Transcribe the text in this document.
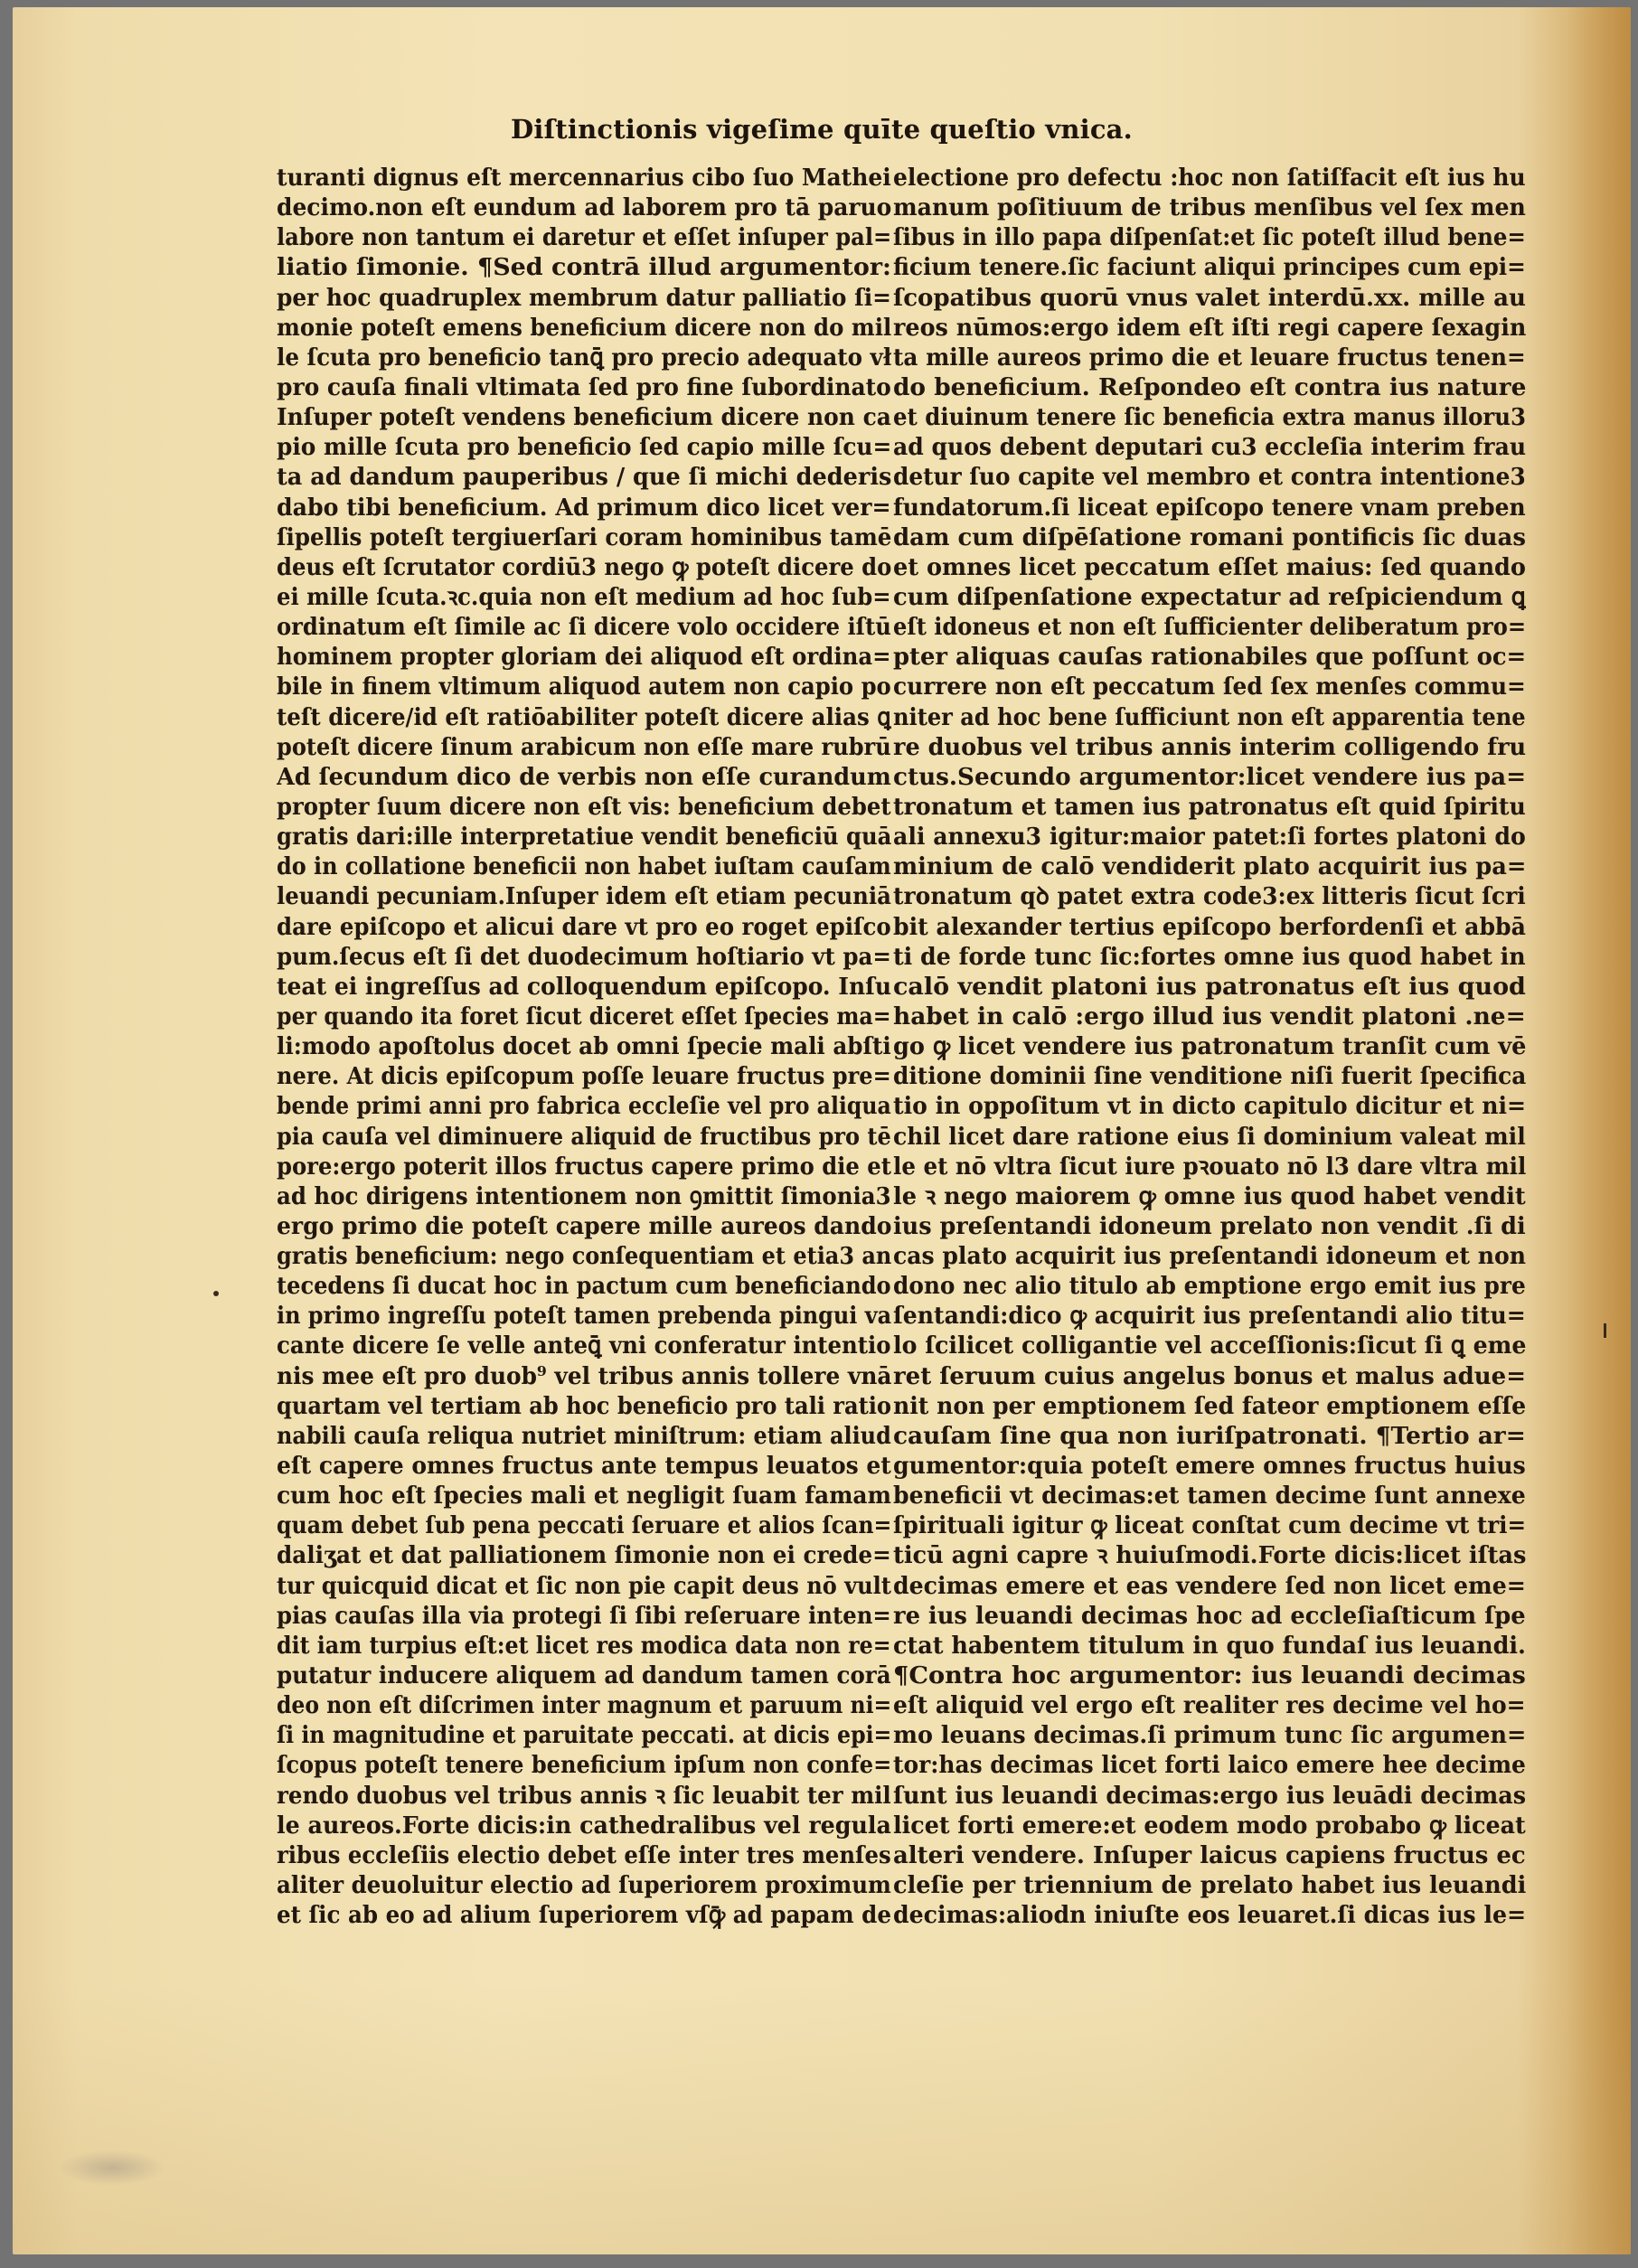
Diſtinctionis vigeſime quīte queſtio vnica.
turanti dignus eſt mercennarius cibo ſuo Mathei
decimo.non eſt eundum ad laborem pro tā paruo
labore non tantum ei daretur et eſſet inſuper pal=
liatio ſimonie. ¶Sed contrā illud argumentor:
per hoc quadruplex membrum datur palliatio ſi=
monie poteſt emens beneficium dicere non do mil
le ſcuta pro beneficio tanꝗ̄ pro precio adequato vł
pro cauſa finali vltimata ſed pro fine ſubordinato
Inſuper poteſt vendens beneficium dicere non ca
pio mille ſcuta pro beneficio ſed capio mille ſcu=
ta ad dandum pauperibus / que ſi michi dederis
dabo tibi beneficium. Ad primum dico licet ver=
ſipellis poteſt tergiuerſari coram hominibus tamē
deus eſt ſcrutator cordiū3 nego ꝙ poteſt dicere do
ei mille ſcuta.ꝛc.quia non eſt medium ad hoc ſub=
ordinatum eſt ſimile ac ſi dicere volo occidere iſtū
hominem propter gloriam dei aliquod eſt ordina=
bile in finem vltimum aliquod autem non capio po
teſt dicere/id eſt ratiōabiliter poteſt dicere alias ꝗ
poteſt dicere ſinum arabicum non eſſe mare rubrū
Ad ſecundum dico de verbis non eſſe curandum
propter ſuum dicere non eſt vis: beneficium debet
gratis dari:ille interpretatiue vendit beneficiū quā
do in collatione beneficii non habet iuſtam cauſam
leuandi pecuniam.Inſuper idem eſt etiam pecuniā
dare epiſcopo et alicui dare vt pro eo roget epiſco
pum.ſecus eſt ſi det duodecimum hoſtiario vt pa=
teat ei ingreſſus ad colloquendum epiſcopo. Inſu
per quando ita foret ſicut diceret eſſet ſpecies ma=
li:modo apoſtolus docet ab omni ſpecie mali abſti
nere. At dicis epiſcopum poſſe leuare fructus pre=
bende primi anni pro fabrica eccleſie vel pro aliqua
pia cauſa vel diminuere aliquid de fructibus pro tē
pore:ergo poterit illos fructus capere primo die et
ad hoc dirigens intentionem non ꝯmittit ſimonia3
ergo primo die poteſt capere mille aureos dando
gratis beneficium: nego conſequentiam et etia3 an
tecedens ſi ducat hoc in pactum cum beneficiando
in primo ingreſſu poteſt tamen prebenda pingui va
cante dicere ſe velle anteꝗ̄ vni conferatur intentio
nis mee eſt pro duob⁹ vel tribus annis tollere vnā
quartam vel tertiam ab hoc beneficio pro tali ratio
nabili cauſa reliqua nutriet miniſtrum: etiam aliud
eſt capere omnes fructus ante tempus leuatos et
cum hoc eſt ſpecies mali et negligit ſuam famam
quam debet ſub pena peccati ſeruare et alios ſcan=
daliʒat et dat palliationem ſimonie non ei crede=
tur quicquid dicat et ſic non pie capit deus nō vult
pias cauſas illa via protegi ſi ſibi reſeruare inten=
dit iam turpius eſt:et licet res modica data non re=
putatur inducere aliquem ad dandum tamen corā
deo non eſt diſcrimen inter magnum et paruum ni=
ſi in magnitudine et paruitate peccati. at dicis epi=
ſcopus poteſt tenere beneficium ipſum non confe=
rendo duobus vel tribus annis ꝛ ſic leuabit ter mil
le aureos.Forte dicis:in cathedralibus vel regula
ribus eccleſiis electio debet eſſe inter tres menſes
aliter deuoluitur electio ad ſuperiorem proximum
et ſic ab eo ad alium ſuperiorem vſꝙ̄ ad papam de
electione pro defectu :hoc non ſatiſfacit eſt ius hu
manum poſitiuum de tribus menſibus vel ſex men
ſibus in illo papa diſpenſat:et ſic poteſt illud bene=
ficium tenere.ſic faciunt aliqui principes cum epi=
ſcopatibus quorū vnus valet interdū.xx. mille au
reos nūmos:ergo idem eſt iſti regi capere ſexagin
ta mille aureos primo die et leuare fructus tenen=
do beneficium. Reſpondeo eſt contra ius nature
et diuinum tenere ſic beneficia extra manus illoru3
ad quos debent deputari cu3 eccleſia interim frau
detur ſuo capite vel membro et contra intentione3
fundatorum.ſi liceat epiſcopo tenere vnam preben
dam cum diſpēſatione romani pontificis ſic duas
et omnes licet peccatum eſſet maius: ſed quando
cum diſpenſatione expectatur ad reſpiciendum ꝗ
eſt idoneus et non eſt ſufficienter deliberatum pro=
pter aliquas cauſas rationabiles que poſſunt oc=
currere non eſt peccatum ſed ſex menſes commu=
niter ad hoc bene ſufficiunt non eſt apparentia tene
re duobus vel tribus annis interim colligendo fru
ctus.Secundo argumentor:licet vendere ius pa=
tronatum et tamen ius patronatus eſt quid ſpiritu
ali annexu3 igitur:maior patet:ſi fortes platoni do
minium de calō vendiderit plato acquirit ius pa=
tronatum qꝺ patet extra code3:ex litteris ſicut ſcri
bit alexander tertius epiſcopo berfordenſi et abbā
ti de forde tunc ſic:fortes omne ius quod habet in
calō vendit platoni ius patronatus eſt ius quod
habet in calō :ergo illud ius vendit platoni .ne=
go ꝙ licet vendere ius patronatum tranſit cum vē
ditione dominii ſine venditione niſi fuerit ſpecifica
tio in oppoſitum vt in dicto capitulo dicitur et ni=
chil licet dare ratione eius ſi dominium valeat mil
le et nō vltra ſicut iure pꝛouato nō l3 dare vltra mil
le ꝛ nego maiorem ꝙ omne ius quod habet vendit
ius preſentandi idoneum prelato non vendit .ſi di
cas plato acquirit ius preſentandi idoneum et non
dono nec alio titulo ab emptione ergo emit ius pre
ſentandi:dico ꝙ acquirit ius preſentandi alio titu=
lo ſcilicet colligantie vel acceſſionis:ſicut ſi ꝗ eme
ret ſeruum cuius angelus bonus et malus adue=
nit non per emptionem ſed fateor emptionem eſſe
cauſam ſine qua non iuriſpatronati. ¶Tertio ar=
gumentor:quia poteſt emere omnes fructus huius
beneficii vt decimas:et tamen decime ſunt annexe
ſpirituali igitur ꝙ liceat conſtat cum decime vt tri=
ticū agni capre ꝛ huiuſmodi.Forte dicis:licet iſtas
decimas emere et eas vendere ſed non licet eme=
re ius leuandi decimas hoc ad eccleſiaſticum ſpe
ctat habentem titulum in quo fundaſ ius leuandi.
¶Contra hoc argumentor: ius leuandi decimas
eſt aliquid vel ergo eſt realiter res decime vel ho=
mo leuans decimas.ſi primum tunc ſic argumen=
tor:has decimas licet forti laico emere hee decime
ſunt ius leuandi decimas:ergo ius leuādi decimas
licet forti emere:et eodem modo probabo ꝙ liceat
alteri vendere. Inſuper laicus capiens fructus ec
cleſie per triennium de prelato habet ius leuandi
decimas:aliodn iniuſte eos leuaret.ſi dicas ius le=
